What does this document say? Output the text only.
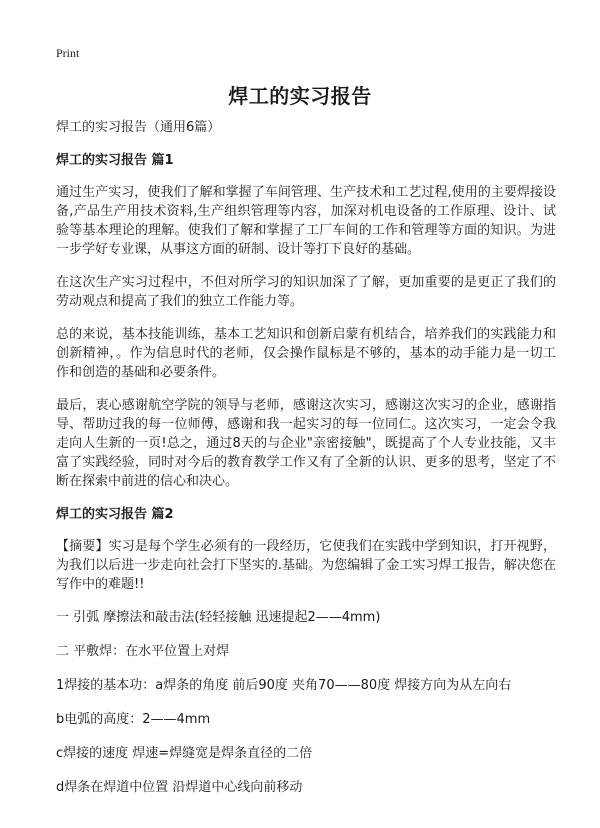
Print
焊工的实习报告

焊工的实习报告（通用6篇）

焊工的实习报告 篇1

通过生产实习，使我们了解和掌握了车间管理、生产技术和工艺过程,使用的主要焊接设备,产品生产用技术资料,生产组织管理等内容，加深对机电设备的工作原理、设计、试验等基本理论的理解。使我们了解和掌握了工厂车间的工作和管理等方面的知识。为进一步学好专业课，从事这方面的研制、设计等打下良好的基础。

在这次生产实习过程中，不但对所学习的知识加深了了解，更加重要的是更正了我们的劳动观点和提高了我们的独立工作能力等。

总的来说，基本技能训练，基本工艺知识和创新启蒙有机结合，培养我们的实践能力和创新精神，。作为信息时代的老师，仅会操作鼠标是不够的，基本的动手能力是一切工作和创造的基础和必要条件。

最后，衷心感谢航空学院的领导与老师，感谢这次实习，感谢这次实习的企业，感谢指导、帮助过我的每一位师傅，感谢和我一起实习的每一位同仁。这次实习，一定会令我走向人生新的一页!总之，通过8天的与企业"亲密接触"，既提高了个人专业技能，又丰富了实践经验，同时对今后的教育教学工作又有了全新的认识、更多的思考，坚定了不断在探索中前进的信心和决心。

焊工的实习报告 篇2

【摘要】实习是每个学生必须有的一段经历，它使我们在实践中学到知识，打开视野，为我们以后进一步走向社会打下坚实的.基础。为您编辑了金工实习焊工报告，解决您在写作中的难题!!

一 引弧 摩擦法和敲击法(轻轻接触 迅速提起2——4mm)

二 平敷焊：在水平位置上对焊

1焊接的基本功：a焊条的角度 前后90度 夹角70——80度 焊接方向为从左向右

b电弧的高度：2——4mm

c焊接的速度 焊速=焊缝宽是焊条直径的二倍

d焊条在焊道中位置 沿焊道中心线向前移动
